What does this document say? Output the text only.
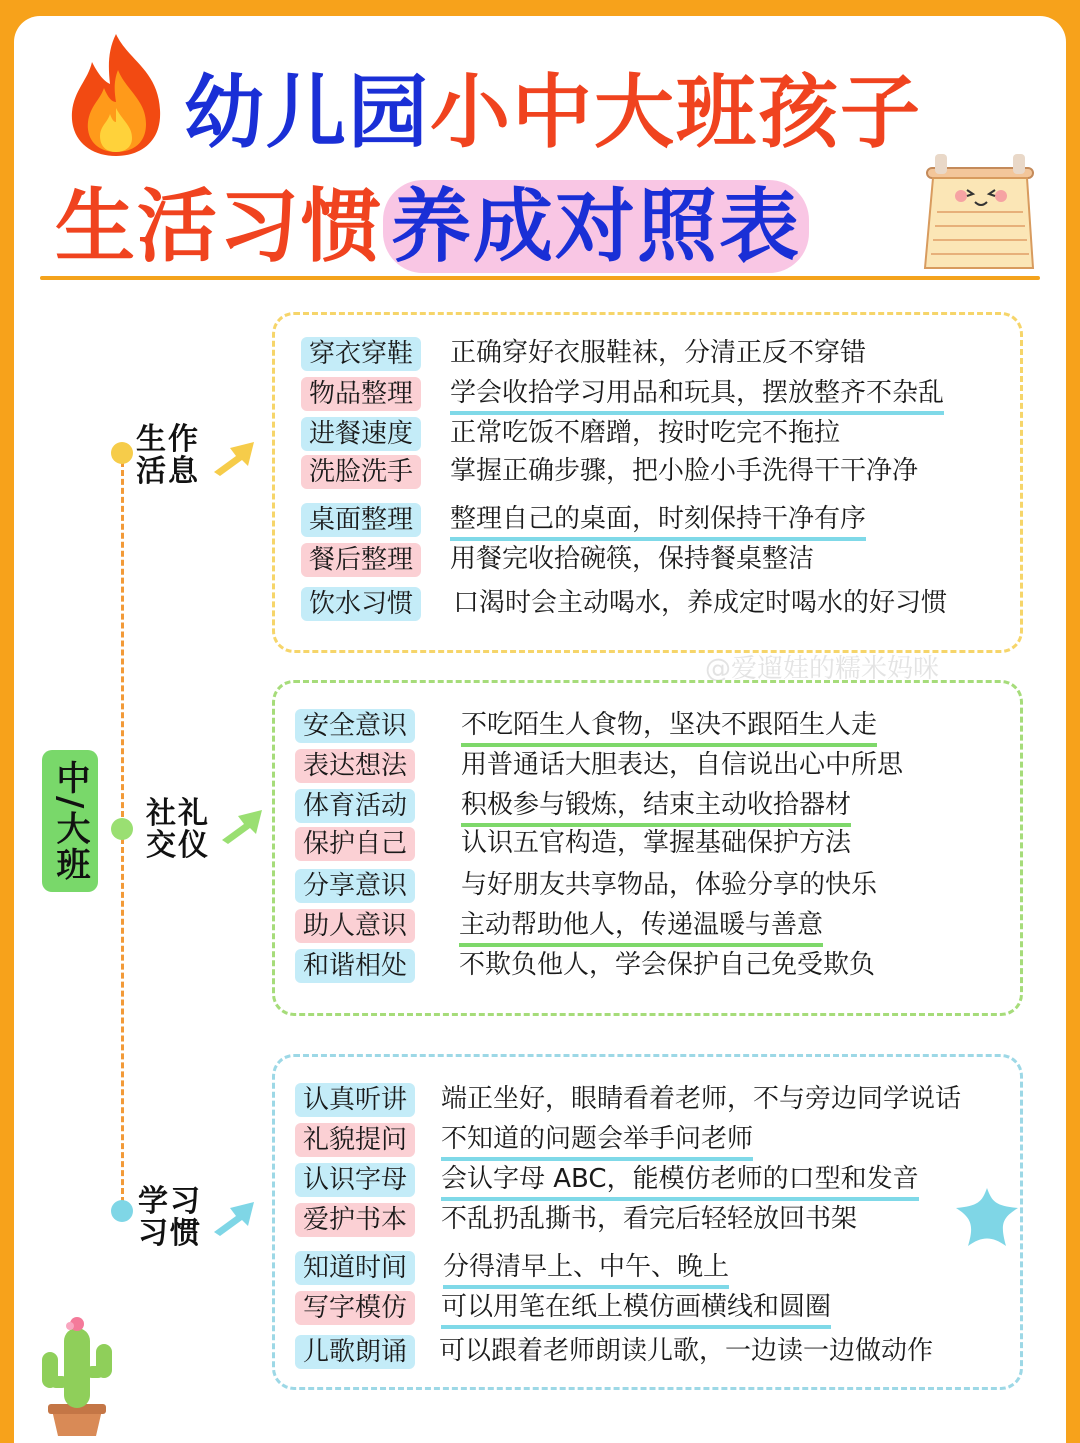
幼儿园小中大班孩子
生活习惯 养成对照表
中/大班
生作
活息
社礼
交仪
学习
习惯
穿衣穿鞋	正确穿好衣服鞋袜，分清正反不穿错
物品整理	学会收拾学习用品和玩具，摆放整齐不杂乱
进餐速度	正常吃饭不磨蹭，按时吃完不拖拉
洗脸洗手	掌握正确步骤，把小脸小手洗得干干净净
桌面整理	整理自己的桌面，时刻保持干净有序
餐后整理	用餐完收拾碗筷，保持餐桌整洁
饮水习惯	口渴时会主动喝水，养成定时喝水的好习惯
@爱遛娃的糯米妈咪
安全意识	不吃陌生人食物，坚决不跟陌生人走
表达想法	用普通话大胆表达，自信说出心中所思
体育活动	积极参与锻炼，结束主动收拾器材
保护自己	认识五官构造，掌握基础保护方法
分享意识	与好朋友共享物品，体验分享的快乐
助人意识	主动帮助他人，传递温暖与善意
和谐相处	不欺负他人，学会保护自己免受欺负
认真听讲	端正坐好，眼睛看着老师，不与旁边同学说话
礼貌提问	不知道的问题会举手问老师
认识字母	会认字母 ABC，能模仿老师的口型和发音
爱护书本	不乱扔乱撕书，看完后轻轻放回书架
知道时间	分得清早上、中午、晚上
写字模仿	可以用笔在纸上模仿画横线和圆圈
儿歌朗诵	可以跟着老师朗读儿歌，一边读一边做动作
